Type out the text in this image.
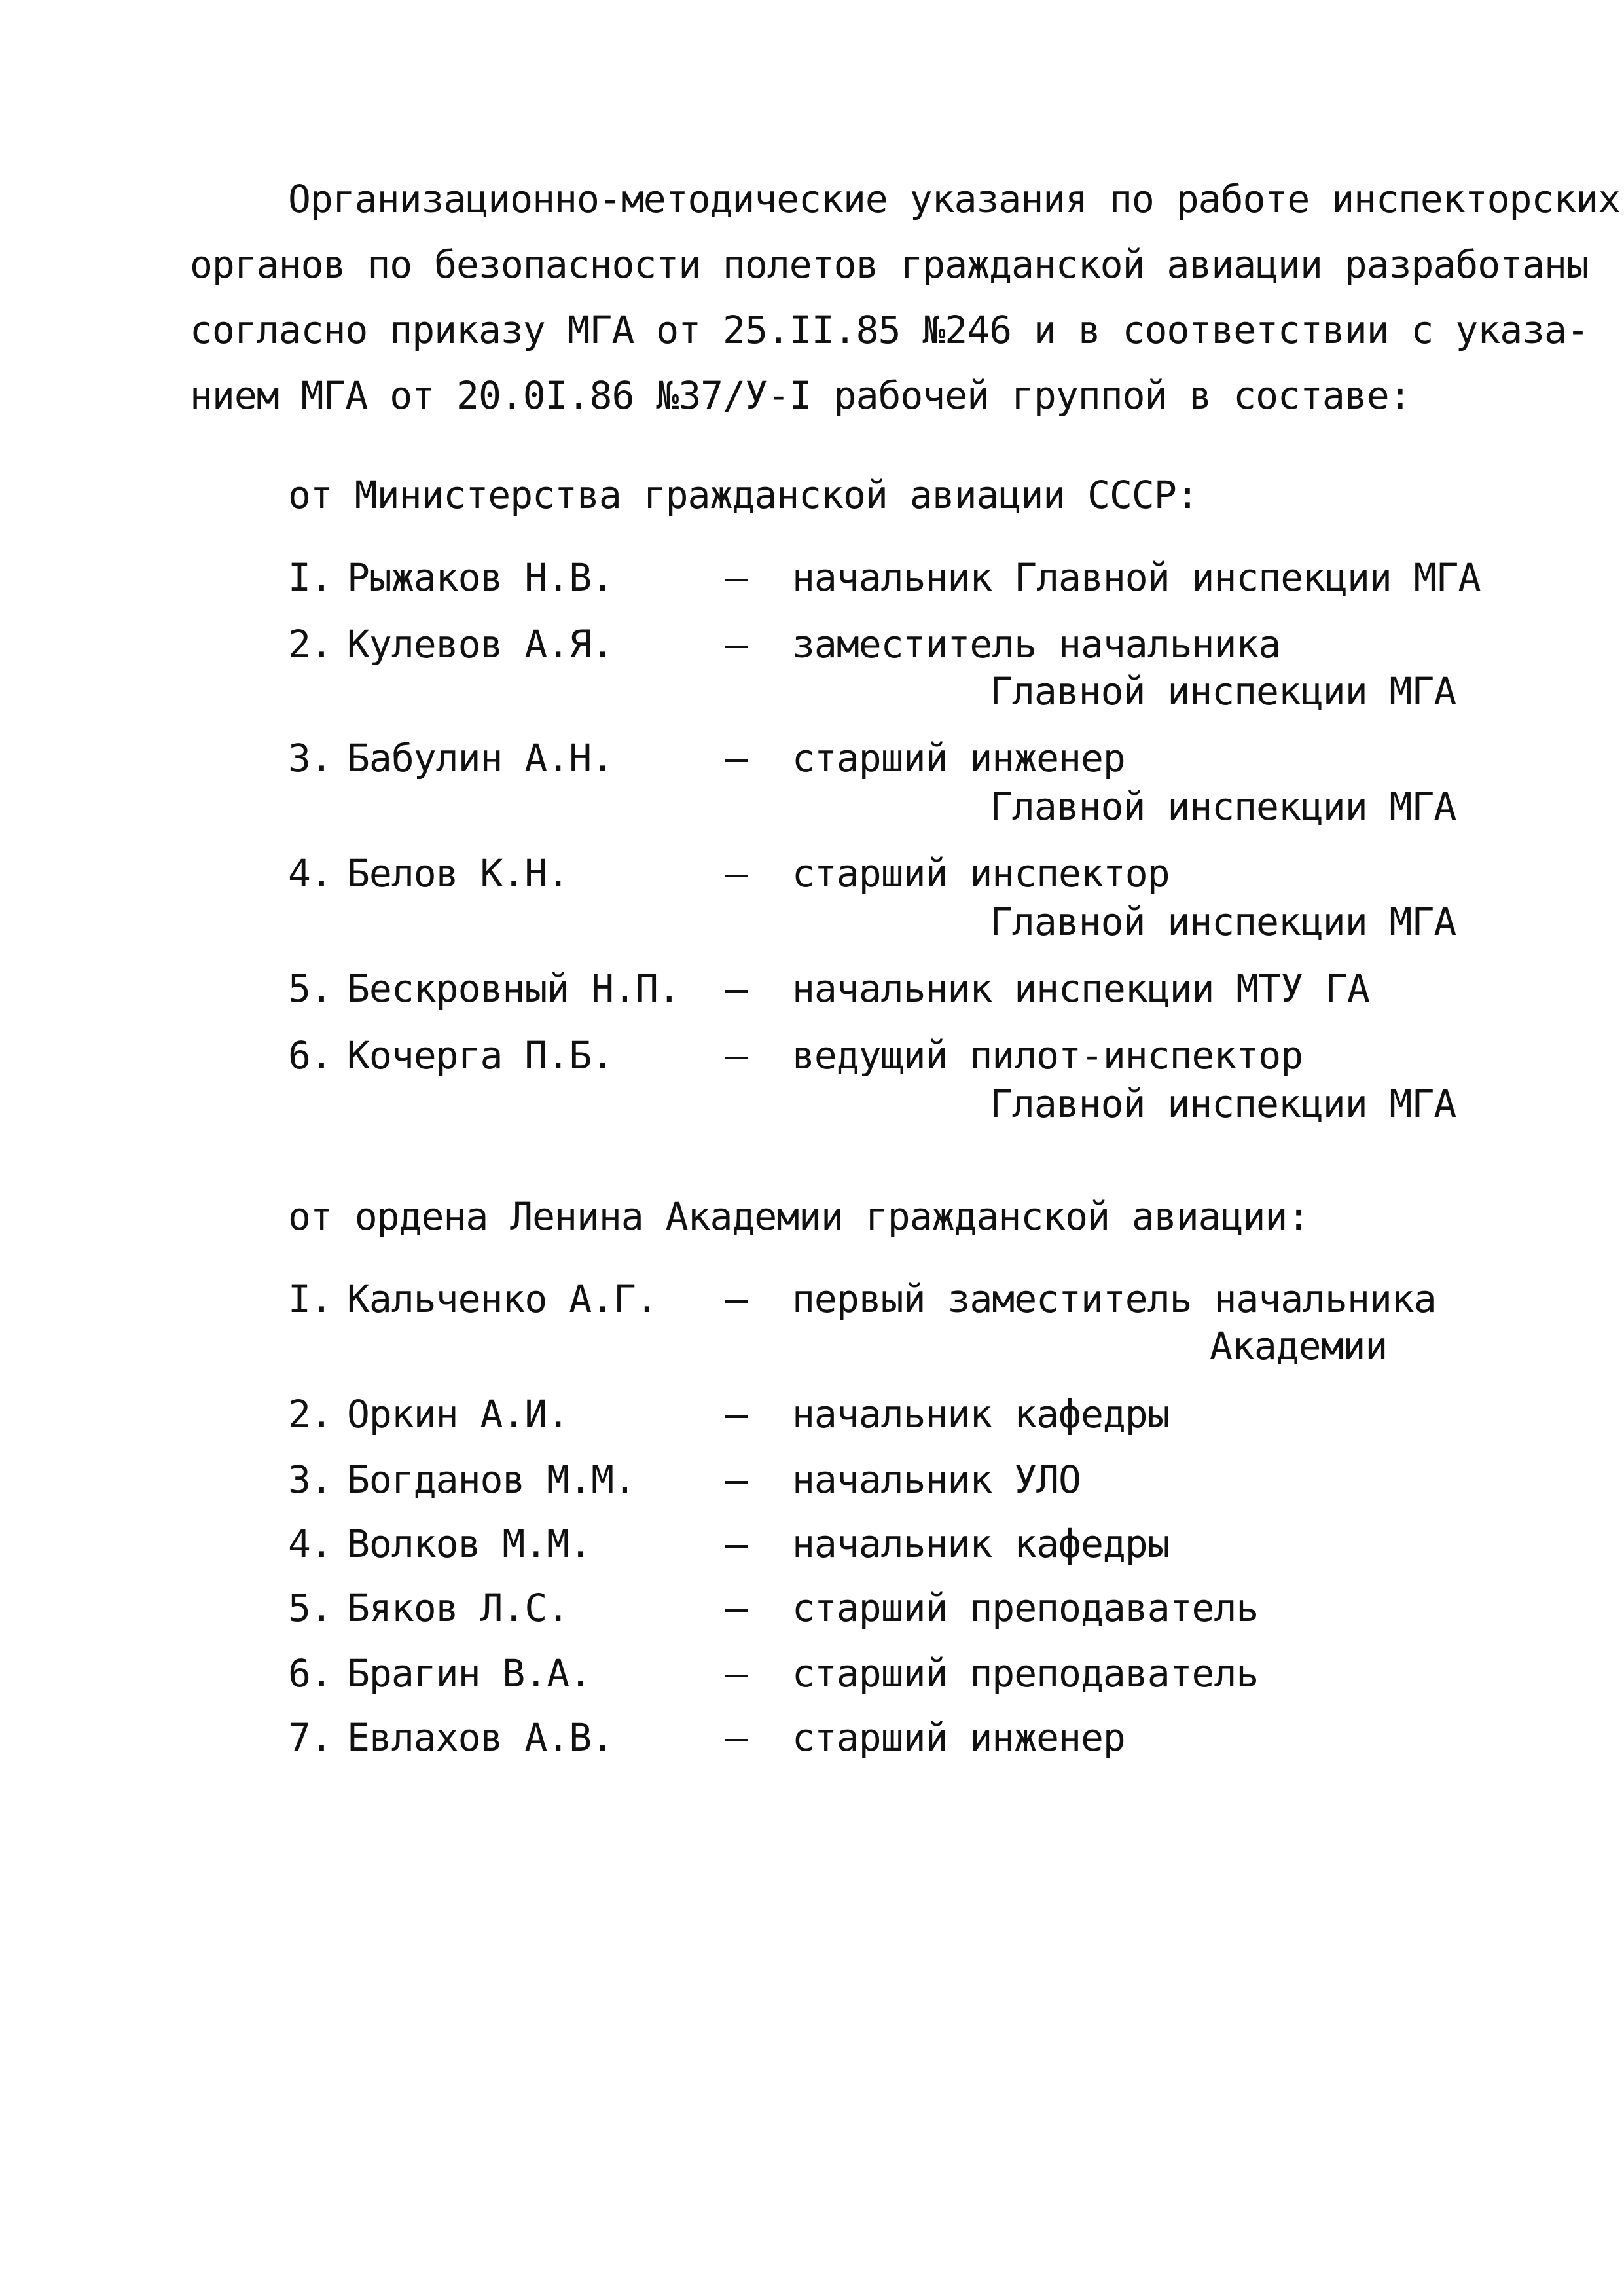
Организационно-методические указания по работе инспекторских
органов по безопасности полетов гражданской авиации разработаны
согласно приказу МГА от 25.II.85 №246 и в соответствии с указа-
нием МГА от 20.0I.86 №37/У-I рабочей группой в составе:
от Министерства гражданской авиации СССР:
I. Рыжаков Н.В.	– начальник Главной инспекции МГА
2. Кулевов А.Я.	– заместитель начальника
Главной инспекции МГА
3. Бабулин А.Н.	– старший инженер
Главной инспекции МГА
4. Белов К.Н.	– старший инспектор
Главной инспекции МГА
5. Бескровный Н.П. – начальник инспекции МТУ ГА
6. Кочерга П.Б.	– ведущий пилот-инспектор
Главной инспекции МГА
от ордена Ленина Академии гражданской авиации:
I. Кальченко А.Г. – первый заместитель начальника
Академии
2. Оркин А.И.	– начальник кафедры
3. Богданов М.М. – начальник УЛО
4. Волков М.М.	– начальник кафедры
5. Бяков Л.С.	– старший преподаватель
6. Брагин В.А.	– старший преподаватель
7. Евлахов А.В.	– старший инженер
